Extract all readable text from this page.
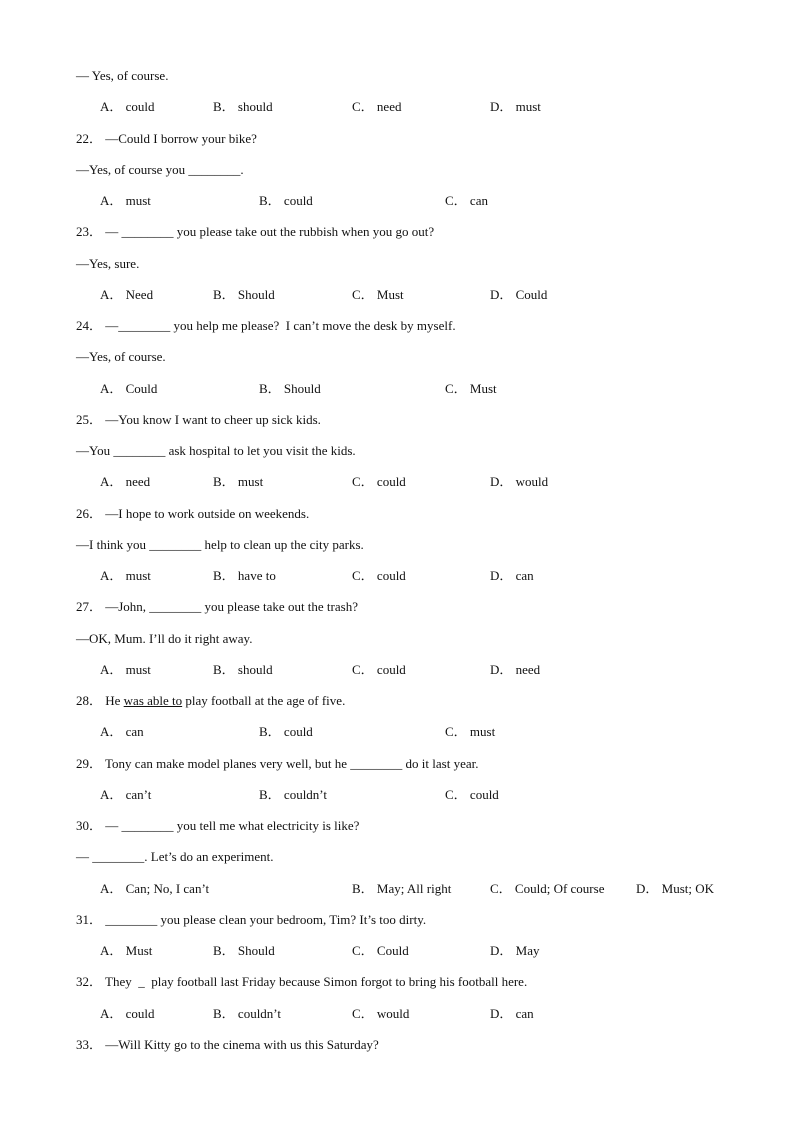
— Yes, of course.
A． could	B． should	C． need	D． must
22． —Could I borrow your bike?
—Yes, of course you ________.
A． must	B． could	C． can
23． — ________ you please take out the rubbish when you go out?
—Yes, sure.
A． Need	B． Should	C． Must	D． Could
24． —________ you help me please?  I can’t move the desk by myself.
—Yes, of course.
A． Could	B． Should	C． Must
25． —You know I want to cheer up sick kids.
—You ________ ask hospital to let you visit the kids.
A． need	B． must	C． could	D． would
26． —I hope to work outside on weekends.
—I think you ________ help to clean up the city parks.
A． must	B． have to	C． could	D． can
27． —John, ________ you please take out the trash?
—OK, Mum. I’ll do it right away.
A． must	B． should	C． could	D． need
28． He was able to play football at the age of five.
A． can	B． could	C． must
29． Tony can make model planes very well, but he ________ do it last year.
A． can’t	B． couldn’t	C． could
30． — ________ you tell me what electricity is like?
— ________. Let’s do an experiment.
A． Can; No, I can’t	B． May; All right	C． Could; Of course D． Must; OK
31． ________ you please clean your bedroom, Tim? It’s too dirty.
A． Must	B． Should	C． Could	D． May
32． They  _  play football last Friday because Simon forgot to bring his football here.
A． could	B． couldn’t	C． would	D． can
33． —Will Kitty go to the cinema with us this Saturday?
